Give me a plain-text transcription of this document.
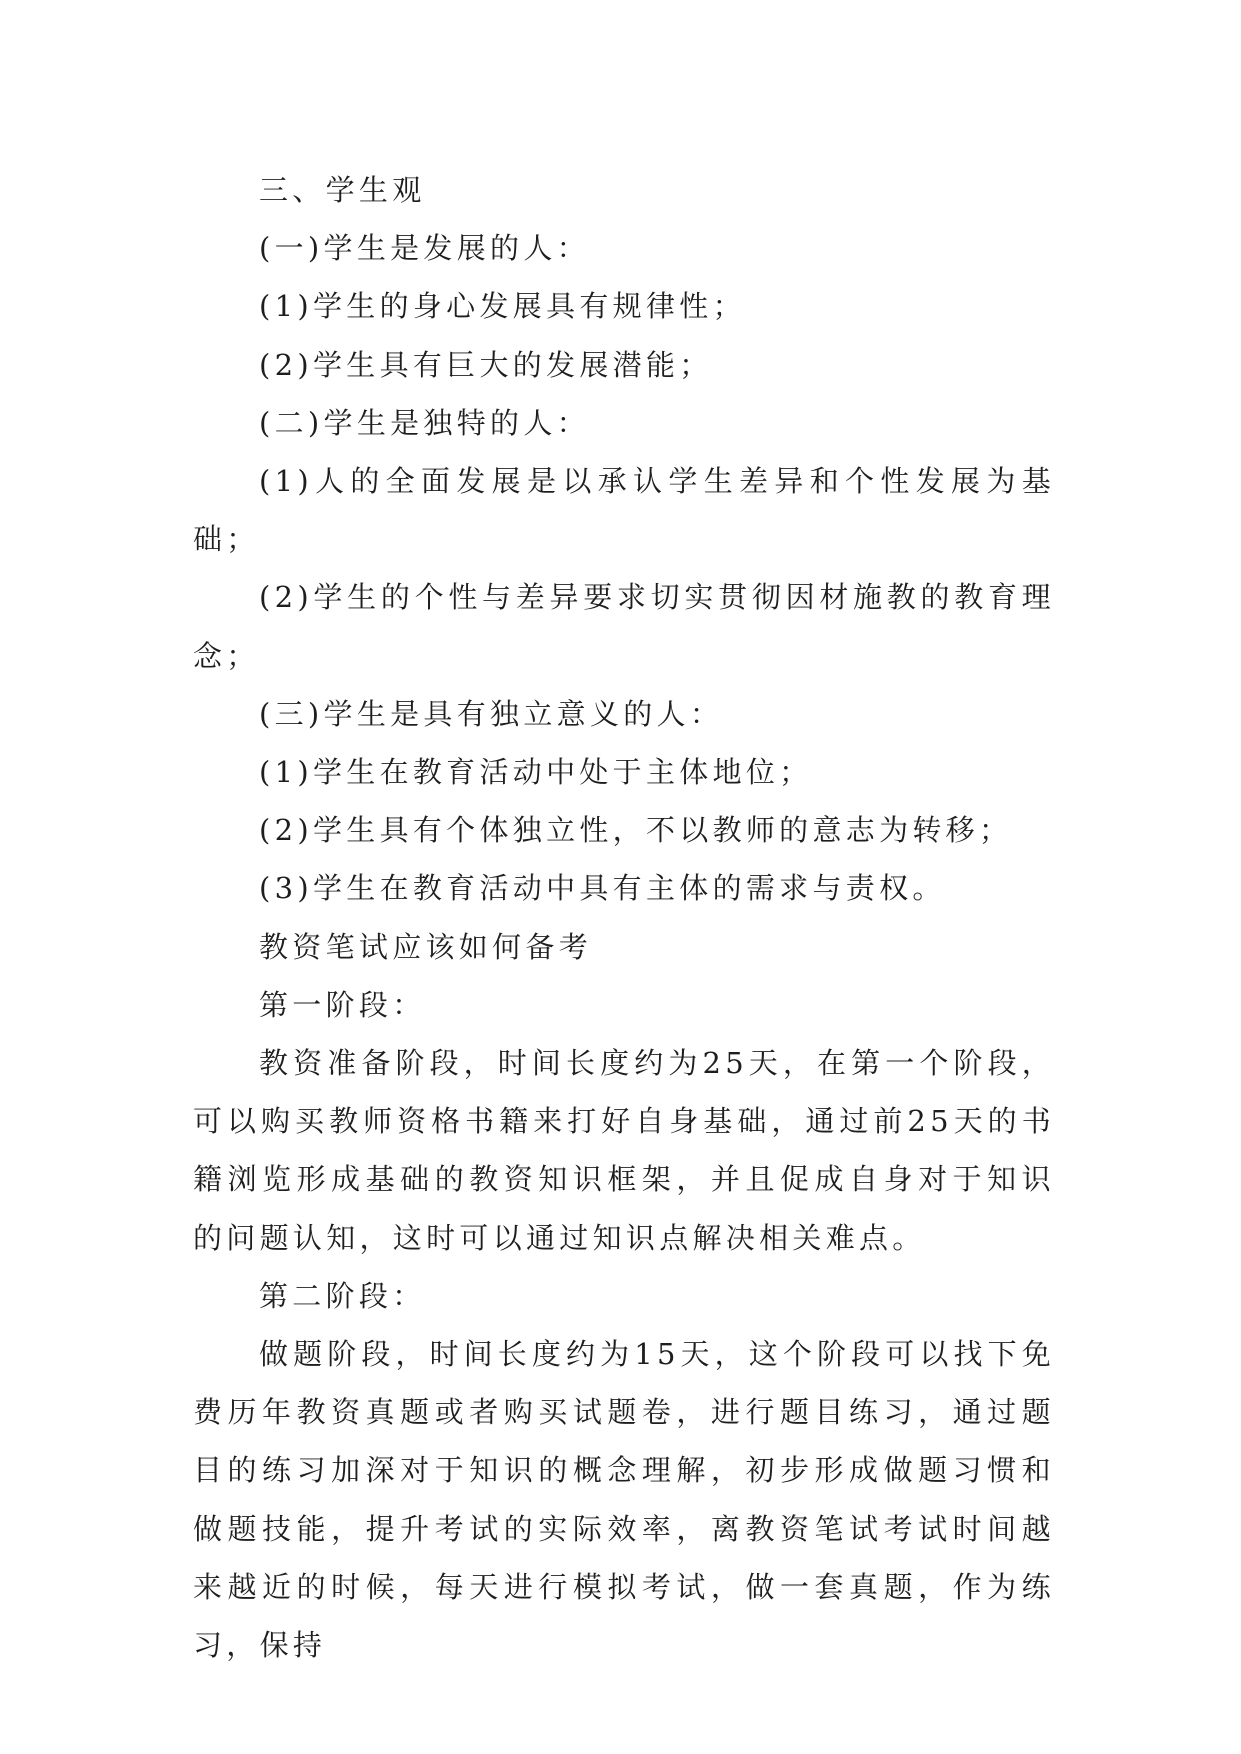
三、学生观

(一)学生是发展的人：

(1)学生的身心发展具有规律性；

(2)学生具有巨大的发展潜能；

(二)学生是独特的人：

(1)人的全面发展是以承认学生差异和个性发展为基础；

(2)学生的个性与差异要求切实贯彻因材施教的教育理念；

(三)学生是具有独立意义的人：

(1)学生在教育活动中处于主体地位；

(2)学生具有个体独立性，不以教师的意志为转移；

(3)学生在教育活动中具有主体的需求与责权。

教资笔试应该如何备考

第一阶段：

教资准备阶段，时间长度约为25天，在第一个阶段，可以购买教师资格书籍来打好自身基础，通过前25天的书籍浏览形成基础的教资知识框架，并且促成自身对于知识的问题认知，这时可以通过知识点解决相关难点。

第二阶段：

做题阶段，时间长度约为15天，这个阶段可以找下免费历年教资真题或者购买试题卷，进行题目练习，通过题目的练习加深对于知识的概念理解，初步形成做题习惯和做题技能，提升考试的实际效率，离教资笔试考试时间越来越近的时候，每天进行模拟考试，做一套真题，作为练习，保持
